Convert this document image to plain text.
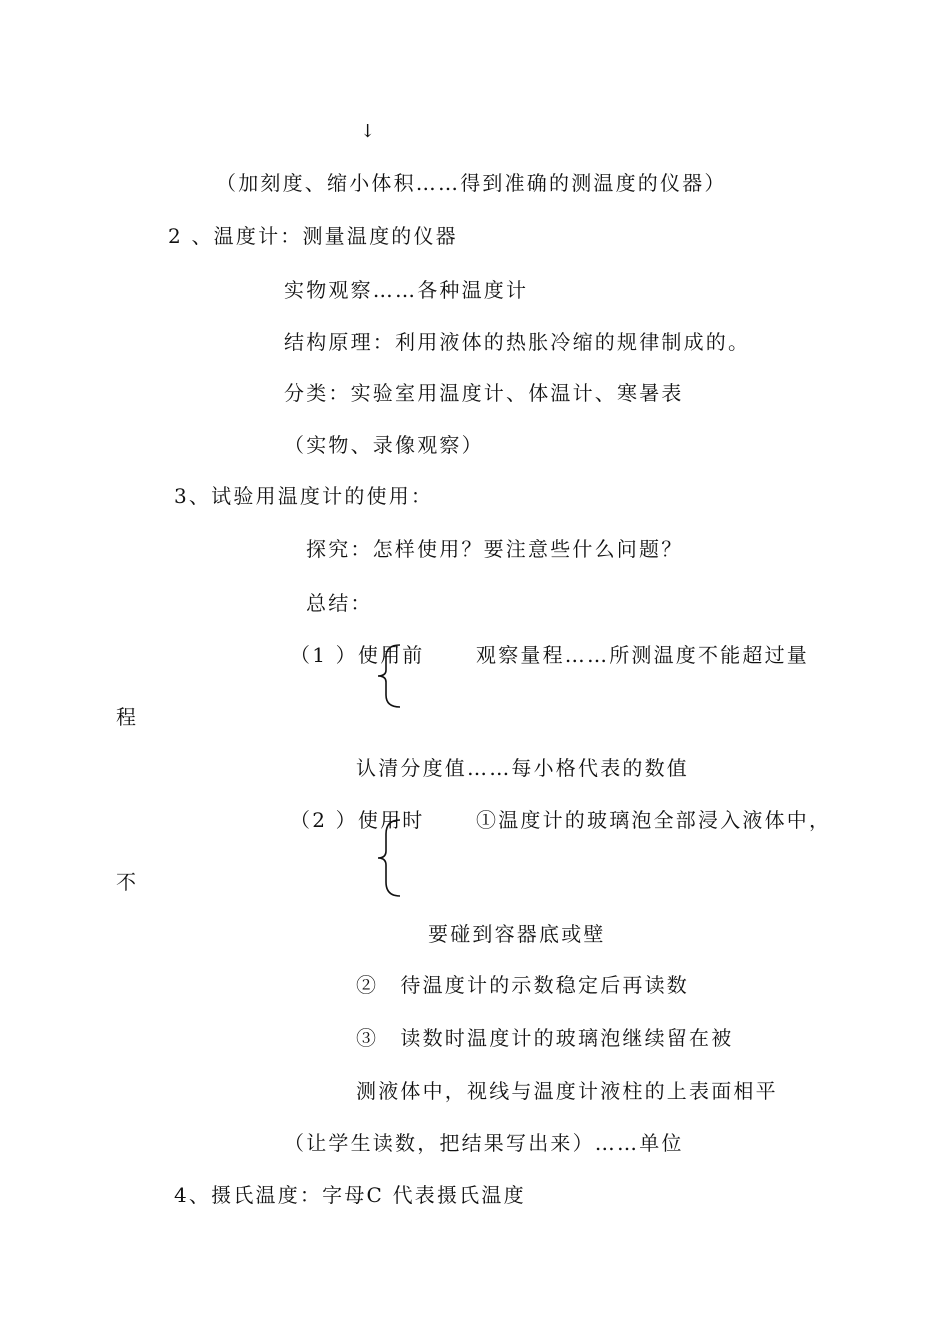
↓
（加刻度、缩小体积……得到准确的测温度的仪器）
2 、温度计：测量温度的仪器
实物观察……各种温度计
结构原理：利用液体的热胀冷缩的规律制成的。
分类：实验室用温度计、体温计、寒暑表
（实物、录像观察）
3、试验用温度计的使用：
探究：怎样使用？要注意些什么问题？
总结：
（1 ）使用前	观察量程……所测温度不能超过量
程
认清分度值……每小格代表的数值
（2 ）使用时	①温度计的玻璃泡全部浸入液体中，
不
要碰到容器底或壁
②　待温度计的示数稳定后再读数
③　读数时温度计的玻璃泡继续留在被
测液体中，视线与温度计液柱的上表面相平
（让学生读数，把结果写出来）……单位
4、摄氏温度：字母C 代表摄氏温度
